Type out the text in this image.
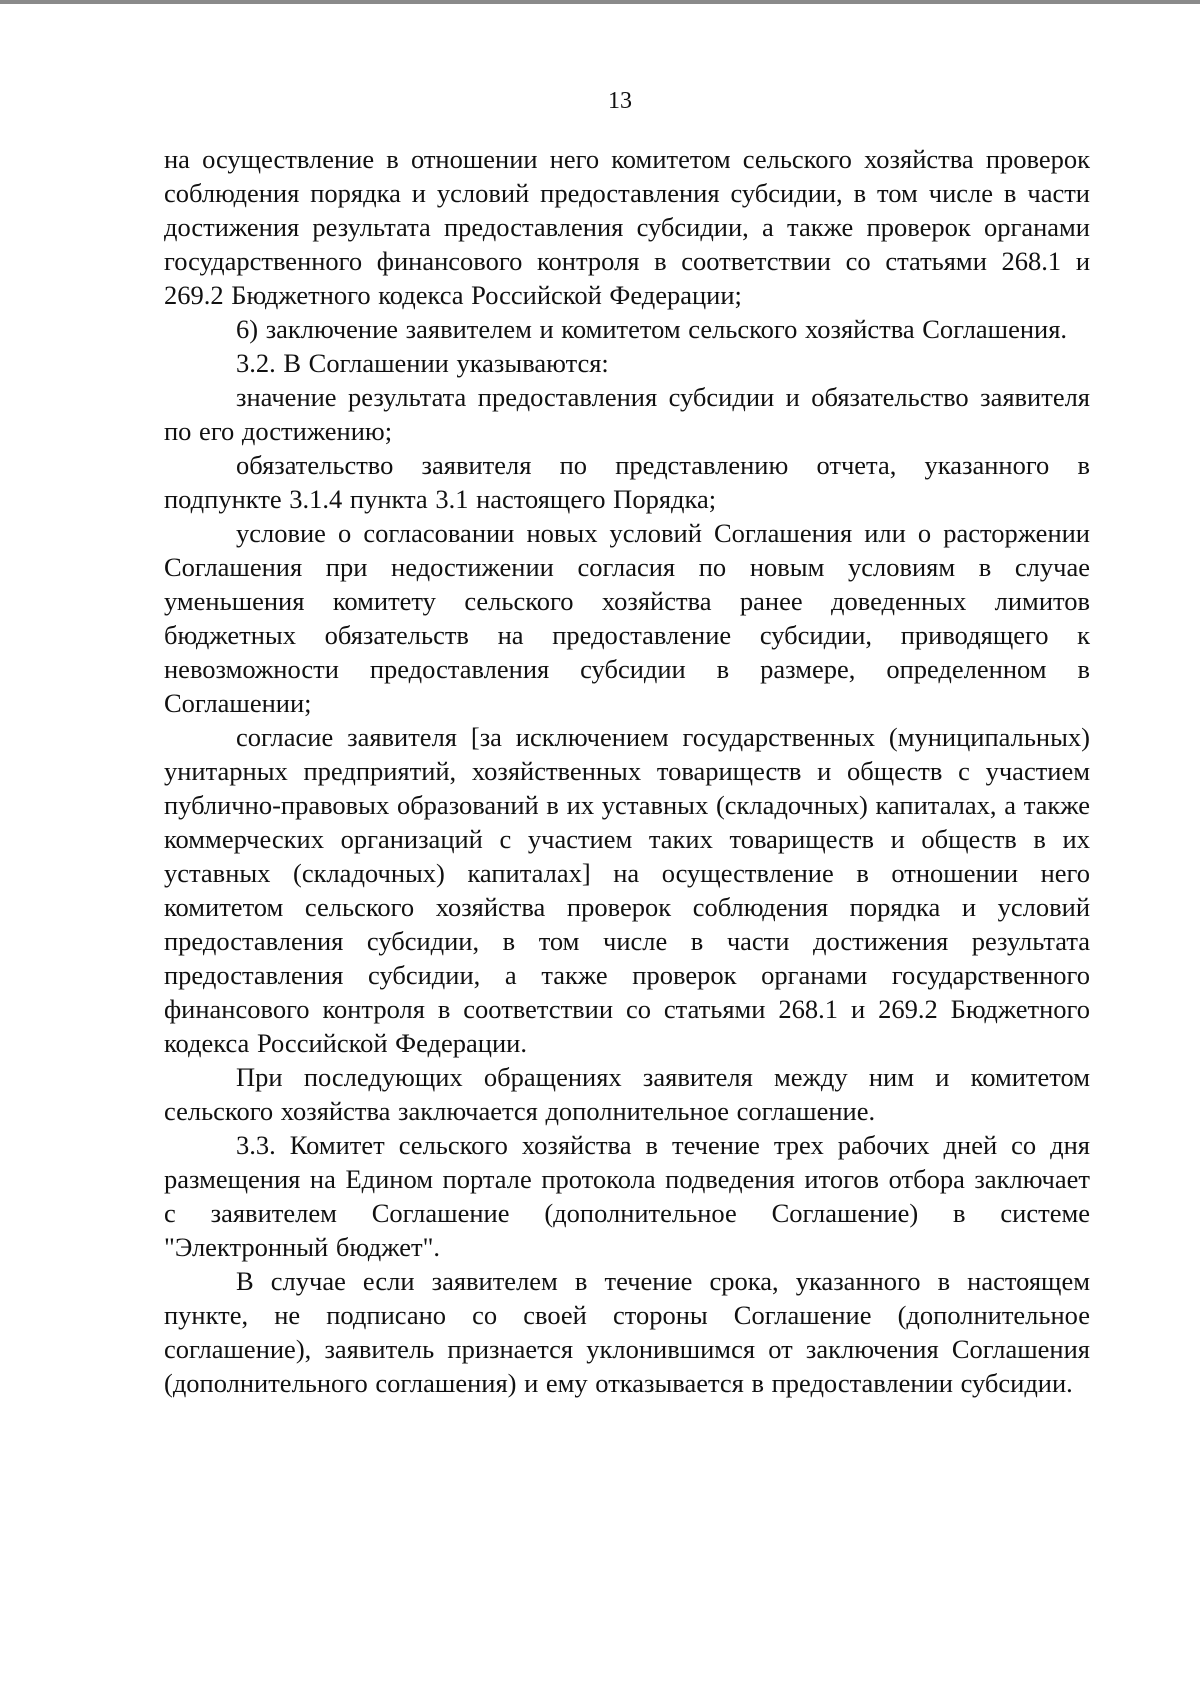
13

на осуществление в отношении него комитетом сельского хозяйства проверок соблюдения порядка и условий предоставления субсидии, в том числе в части достижения результата предоставления субсидии, а также проверок органами государственного финансового контроля в соответствии со статьями 268.1 и 269.2 Бюджетного кодекса Российской Федерации;

6) заключение заявителем и комитетом сельского хозяйства Соглашения.

3.2. В Соглашении указываются:

значение результата предоставления субсидии и обязательство заявителя по его достижению;

обязательство заявителя по представлению отчета, указанного в подпункте 3.1.4 пункта 3.1 настоящего Порядка;

условие о согласовании новых условий Соглашения или о расторжении Соглашения при недостижении согласия по новым условиям в случае уменьшения комитету сельского хозяйства ранее доведенных лимитов бюджетных обязательств на предоставление субсидии, приводящего к невозможности предоставления субсидии в размере, определенном в Соглашении;

согласие заявителя [за исключением государственных (муниципальных) унитарных предприятий, хозяйственных товариществ и обществ с участием публично-правовых образований в их уставных (складочных) капиталах, а также коммерческих организаций с участием таких товариществ и обществ в их уставных (складочных) капиталах] на осуществление в отношении него комитетом сельского хозяйства проверок соблюдения порядка и условий предоставления субсидии, в том числе в части достижения результата предоставления субсидии, а также проверок органами государственного финансового контроля в соответствии со статьями 268.1 и 269.2 Бюджетного кодекса Российской Федерации.

При последующих обращениях заявителя между ним и комитетом сельского хозяйства заключается дополнительное соглашение.

3.3. Комитет сельского хозяйства в течение трех рабочих дней со дня размещения на Едином портале протокола подведения итогов отбора заключает с заявителем Соглашение (дополнительное Соглашение) в системе "Электронный бюджет".

В случае если заявителем в течение срока, указанного в настоящем пункте, не подписано со своей стороны Соглашение (дополнительное соглашение), заявитель признается уклонившимся от заключения Соглашения (дополнительного соглашения) и ему отказывается в предоставлении субсидии.
